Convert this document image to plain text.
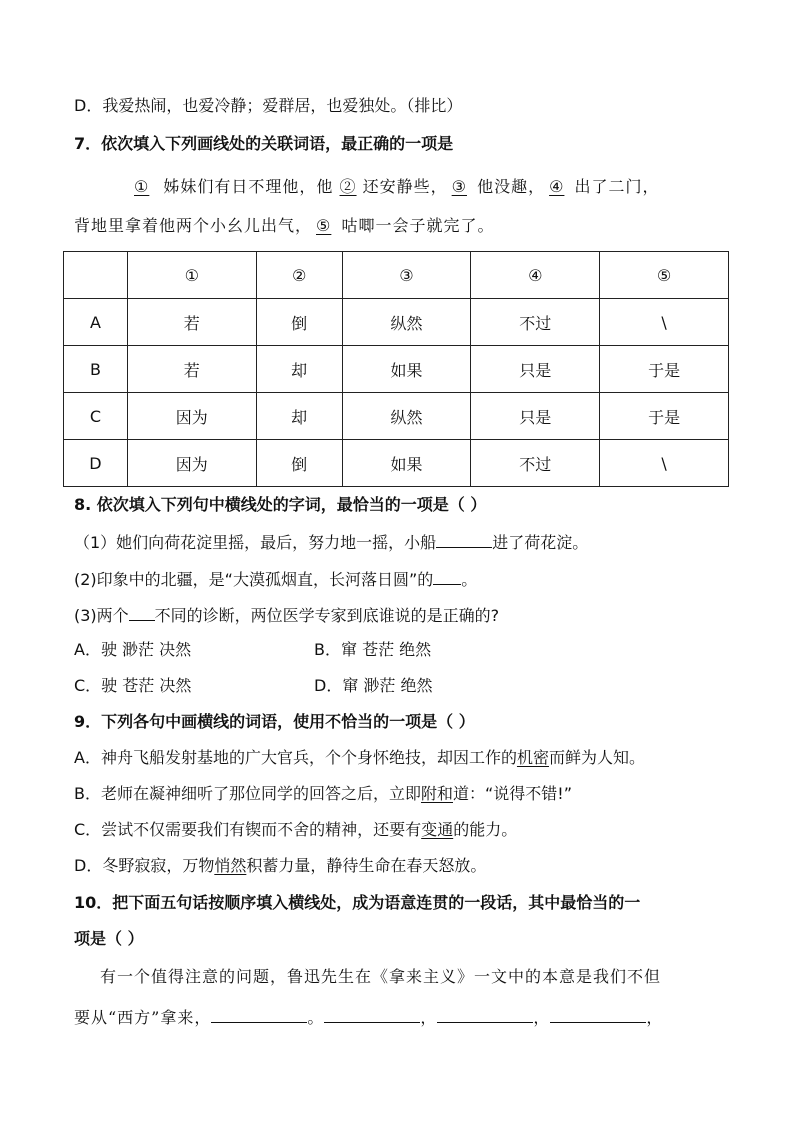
D．我爱热闹，也爱冷静；爱群居，也爱独处。（排比）
7．依次填入下列画线处的关联词语，最正确的一项是
① 姊妹们有日不理他，他 ② 还安静些， ③ 他没趣， ④ 出了二门，
背地里拿着他两个小幺儿出气， ⑤ 咕唧一会子就完了。
	①	②	③	④	⑤
A	若	倒	纵然	不过	\
B	若	却	如果	只是	于是
C	因为	却	纵然	只是	于是
D	因为	倒	如果	不过	\
8. 依次填入下列句中横线处的字词，最恰当的一项是（ ）
（1）她们向荷花淀里摇，最后，努力地一摇，小船	进了荷花淀。
(2)印象中的北疆，是“大漠孤烟直，长河落日圆”的 。
(3)两个 不同的诊断，两位医学专家到底谁说的是正确的?
A．驶 渺茫 决然	B．窜 苍茫 绝然
C．驶 苍茫 决然	D．窜 渺茫 绝然
9．下列各句中画横线的词语，使用不恰当的一项是（ ）
A．神舟飞船发射基地的广大官兵，个个身怀绝技，却因工作的机密而鲜为人知。
B．老师在凝神细听了那位同学的回答之后，立即附和道：“说得不错!”
C．尝试不仅需要我们有锲而不舍的精神，还要有变通的能力。
D．冬野寂寂，万物悄然积蓄力量，静待生命在春天怒放。
10．把下面五句话按顺序填入横线处，成为语意连贯的一段话，其中最恰当的一
项是（ ）
有一个值得注意的问题，鲁迅先生在《拿来主义》一文中的本意是我们不但
要从“西方”拿来，	。	，	，	，
